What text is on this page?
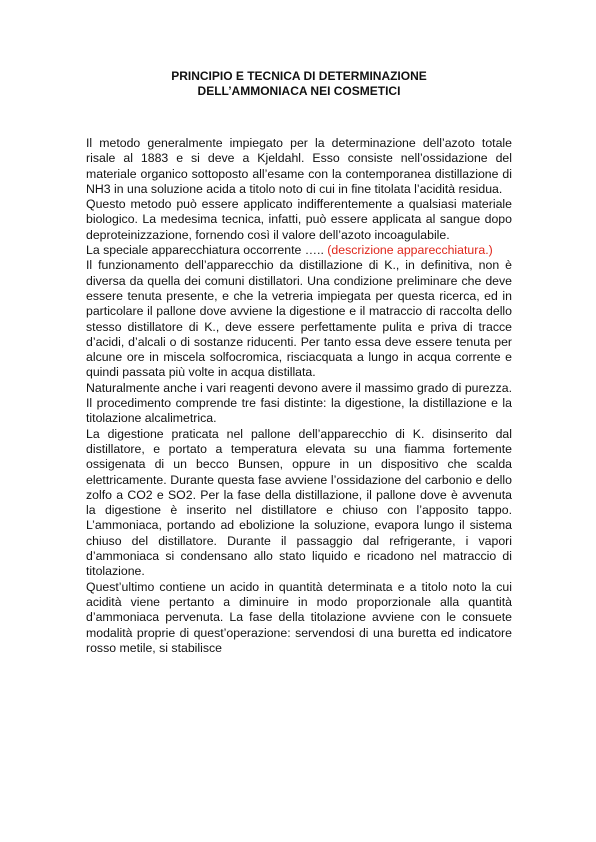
PRINCIPIO E TECNICA DI DETERMINAZIONE
DELL’AMMONIACA NEI COSMETICI

Il metodo generalmente impiegato per la determinazione dell’azoto totale risale al 1883 e si deve a Kjeldahl. Esso consiste nell’ossidazione del materiale organico sottoposto all’esame con la contemporanea distillazione di NH3 in una soluzione acida a titolo noto di cui in fine titolata l’acidità residua.

Questo metodo può essere applicato indifferentemente a qualsiasi materiale biologico. La medesima tecnica, infatti, può essere applicata al sangue dopo deproteinizzazione, fornendo così il valore dell’azoto incoagulabile.

La speciale apparecchiatura occorrente ….. (descrizione apparecchiatura.)

Il funzionamento dell’apparecchio da distillazione di K., in definitiva, non è diversa da quella dei comuni distillatori. Una condizione preliminare che deve essere tenuta presente, e che la vetreria impiegata per questa ricerca, ed in particolare il pallone dove avviene la digestione e il matraccio di raccolta dello stesso distillatore di K., deve essere perfettamente pulita e priva di tracce d’acidi, d’alcali o di sostanze riducenti. Per tanto essa deve essere tenuta per alcune ore in miscela solfocromica, risciacquata a lungo in acqua corrente e quindi passata più volte in acqua distillata.

Naturalmente anche i vari reagenti devono avere il massimo grado di purezza. Il procedimento comprende tre fasi distinte: la digestione, la distillazione e la titolazione alcalimetrica.

La digestione praticata nel pallone dell’apparecchio di K. disinserito dal distillatore, e portato a temperatura elevata su una fiamma fortemente ossigenata di un becco Bunsen, oppure in un dispositivo che scalda elettricamente. Durante questa fase avviene l’ossidazione del carbonio e dello zolfo a CO2 e SO2. Per la fase della distillazione, il pallone dove è avvenuta la digestione è inserito nel distillatore e chiuso con l’apposito tappo. L’ammoniaca, portando ad ebolizione la soluzione, evapora lungo il sistema chiuso del distillatore. Durante il passaggio dal refrigerante, i vapori d’ammoniaca si condensano allo stato liquido e ricadono nel matraccio di titolazione.

Quest’ultimo contiene un acido in quantità determinata e a titolo noto la cui acidità viene pertanto a diminuire in modo proporzionale alla quantità d’ammoniaca pervenuta. La fase della titolazione avviene con le consuete modalità proprie di quest’operazione: servendosi di una buretta ed indicatore rosso metile, si stabilisce
